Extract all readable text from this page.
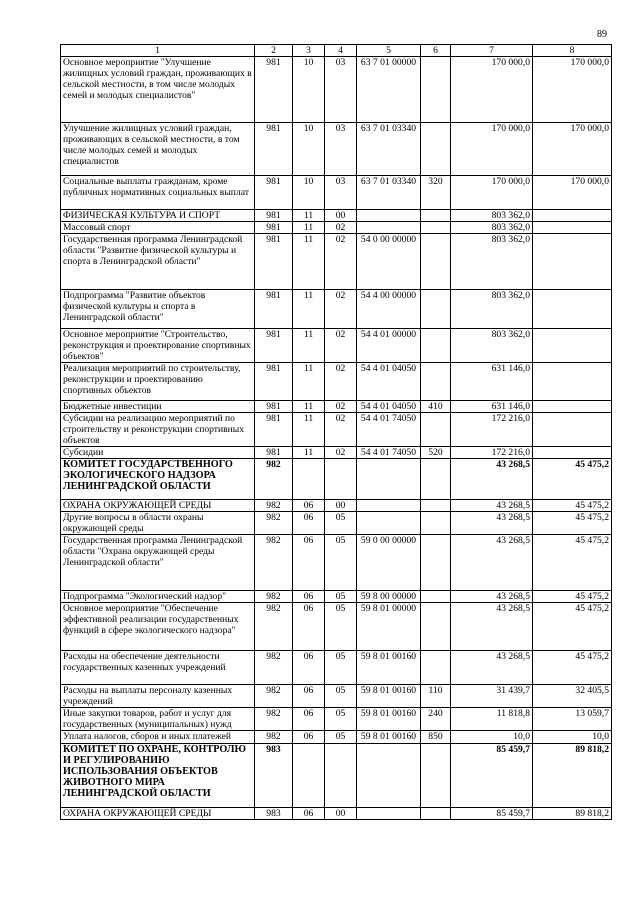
89
1	2	3	4	5	6	7	8
Основное мероприятие "Улучшение жилищных условий граждан, проживающих в сельской местности, в том числе молодых семей и молодых специалистов"	981	10	03	63 7 01 00000		170 000,0	170 000,0
Улучшение жилищных условий граждан, проживающих в сельской местности, в том числе молодых семей и молодых специалистов	981	10	03	63 7 01 03340		170 000,0	170 000,0
Социальные выплаты гражданам, кроме публичных нормативных социальных выплат	981	10	03	63 7 01 03340	320	170 000,0	170 000,0
ФИЗИЧЕСКАЯ КУЛЬТУРА И СПОРТ	981	11	00			803 362,0	
Массовый спорт	981	11	02			803 362,0	
Государственная программа Ленинградской области "Развитие физической культуры и спорта в Ленинградской области"	981	11	02	54 0 00 00000		803 362,0	
Подпрограмма "Развитие объектов физической культуры и спорта в Ленинградской области"	981	11	02	54 4 00 00000		803 362,0	
Основное мероприятие "Строительство, реконструкция и проектирование спортивных объектов"	981	11	02	54 4 01 00000		803 362,0	
Реализация мероприятий по строительству, реконструкции и проектированию спортивных объектов	981	11	02	54 4 01 04050		631 146,0	
Бюджетные инвестиции	981	11	02	54 4 01 04050	410	631 146,0	
Субсидии на реализацию мероприятий по строительству и реконструкции спортивных объектов	981	11	02	54 4 01 74050		172 216,0	
Субсидии	981	11	02	54 4 01 74050	520	172 216,0	
КОМИТЕТ ГОСУДАРСТВЕННОГО ЭКОЛОГИЧЕСКОГО НАДЗОРА ЛЕНИНГРАДСКОЙ ОБЛАСТИ	982					43 268,5	45 475,2
ОХРАНА ОКРУЖАЮЩЕЙ СРЕДЫ	982	06	00			43 268,5	45 475,2
Другие вопросы в области охраны окружающей среды	982	06	05			43 268,5	45 475,2
Государственная программа Ленинградской области "Охрана окружающей среды Ленинградской области"	982	06	05	59 0 00 00000		43 268,5	45 475,2
Подпрограмма "Экологический надзор"	982	06	05	59 8 00 00000		43 268,5	45 475,2
Основное мероприятие "Обеспечение эффективной реализации государственных функций в сфере экологического надзора"	982	06	05	59 8 01 00000		43 268,5	45 475,2
Расходы на обеспечение деятельности государственных казенных учреждений	982	06	05	59 8 01 00160		43 268,5	45 475,2
Расходы на выплаты персоналу казенных учреждений	982	06	05	59 8 01 00160	110	31 439,7	32 405,5
Иные закупки товаров, работ и услуг для государственных (муниципальных) нужд	982	06	05	59 8 01 00160	240	11 818,8	13 059,7
Уплата налогов, сборов и иных платежей	982	06	05	59 8 01 00160	850	10,0	10,0
КОМИТЕТ ПО ОХРАНЕ, КОНТРОЛЮ И РЕГУЛИРОВАНИЮ ИСПОЛЬЗОВАНИЯ ОБЪЕКТОВ ЖИВОТНОГО МИРА ЛЕНИНГРАДСКОЙ ОБЛАСТИ	983					85 459,7	89 818,2
ОХРАНА ОКРУЖАЮЩЕЙ СРЕДЫ	983	06	00			85 459,7	89 818,2
